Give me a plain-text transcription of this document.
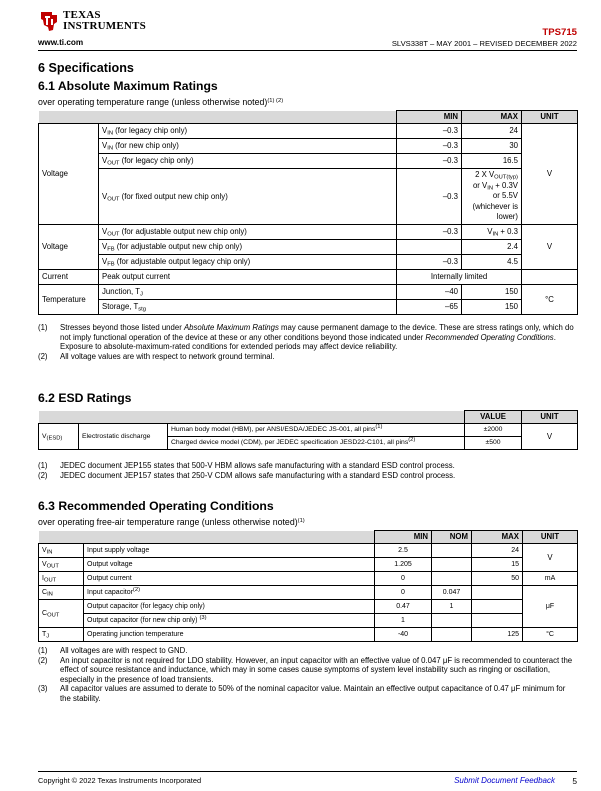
TEXAS
INSTRUMENTS
www.ti.com
TPS715
SLVS338T – MAY 2001 – REVISED DECEMBER 2022
6 Specifications
6.1 Absolute Maximum Ratings
over operating temperature range (unless otherwise noted)$^{(1) (2)}$
		MIN	MAX	UNIT
Voltage	$V_{IN}$ (for legacy chip only)	–0.3	24	V
	$V_{IN}$ (for new chip only)	–0.3	30	
	$V_{OUT}$ (for legacy chip only)	–0.3	16.5	
	$V_{OUT}$ (for fixed output new chip only)	–0.3	2 X $V_{OUT(typ)}$
or $V_{IN} + 0.3V$
or 5.5V
(whichever is
lower)	

Voltage	$V_{OUT}$ (for adjustable output new chip only)	–0.3	$V_{IN} + 0.3$	V
	$V_{FB}$ (for adjustable output new chip only)		2.4	
	$V_{FB}$ (for adjustable output legacy chip only)	–0.3	4.5	
Current	Peak output current	Internally limited		
Temperature	Junction, $T_J$	–40	150	°C
	Storage, $T_{stg}$	–65	150	
(1)	Stresses beyond those listed under Absolute Maximum Ratings may cause permanent damage to the device. These are stress ratings only, which do not imply functional operation of the device at these or any other conditions beyond those indicated under Recommended Operating Conditions. Exposure to absolute-maximum-rated conditions for extended periods may affect device reliability.
(2)	All voltage values are with respect to network ground terminal.
6.2 ESD Ratings
			VALUE	UNIT
$V_{(ESD)}$	Electrostatic discharge	Human body model (HBM), per ANSI/ESDA/JEDEC JS-001, all pins$^{(1)}$	±2000	V
		Charged device model (CDM), per JEDEC specification JESD22-C101, all pins$^{(2)}$	±500	
(1)	JEDEC document JEP155 states that 500-V HBM allows safe manufacturing with a standard ESD control process.
(2)	JEDEC document JEP157 states that 250-V CDM allows safe manufacturing with a standard ESD control process.
6.3 Recommended Operating Conditions
over operating free-air temperature range (unless otherwise noted)$^{(1)}$
		MIN	NOM	MAX	UNIT
$V_{IN}$	Input supply voltage	2.5		24	V
$V_{OUT}$	Output voltage	1.205		15	
$I_{OUT}$	Output current	0		50	mA
$C_{IN}$	Input capacitor$^{(2)}$	0	0.047		μF
$C_{OUT}$	Output capacitor (for legacy chip only)	0.47	1		
	Output capacitor (for new chip only) $^{(3)}$	1			
$T_J$	Operating junction temperature	-40		125	°C
(1)	All voltages are with respect to GND.
(2)	An input capacitor is not required for LDO stability. However, an input capacitor with an effective value of 0.047 μF is recommended to counteract the effect of source resistance and inductance, which may in some cases cause symptoms of system level instability such as ringing or oscillation, especially in the presence of load transients.
(3)	All capacitor values are assumed to derate to 50% of the nominal capacitor value. Maintain an effective output capacitance of 0.47 μF minimum for the stability.
Copyright © 2022 Texas Instruments Incorporated	Submit Document Feedback 5
